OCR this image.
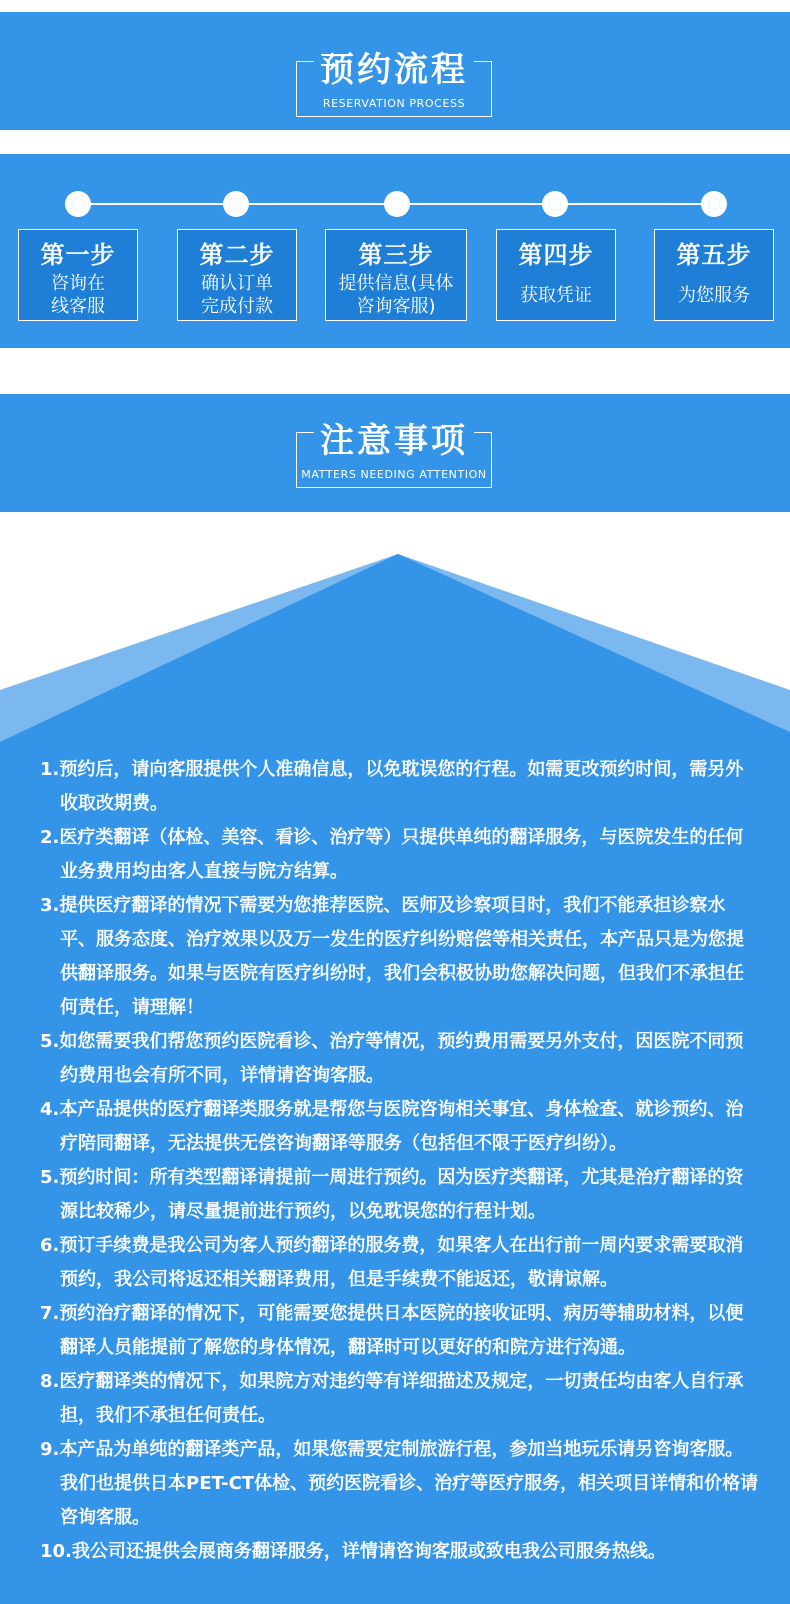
预约流程
RESERVATION PROCESS
第一步
咨询在线客服
第二步
确认订单完成付款
第三步
提供信息(具体咨询客服)
第四步
获取凭证
第五步
为您服务
注意事项
MATTERS NEEDING ATTENTION
1.预约后，请向客服提供个人准确信息，以免耽误您的行程。如需更改预约时间，需另外收取改期费。
2.医疗类翻译（体检、美容、看诊、治疗等）只提供单纯的翻译服务，与医院发生的任何业务费用均由客人直接与院方结算。
3.提供医疗翻译的情况下需要为您推荐医院、医师及诊察项目时，我们不能承担诊察水平、服务态度、治疗效果以及万一发生的医疗纠纷赔偿等相关责任，本产品只是为您提供翻译服务。如果与医院有医疗纠纷时，我们会积极协助您解决问题，但我们不承担任何责任，请理解！
5.如您需要我们帮您预约医院看诊、治疗等情况，预约费用需要另外支付，因医院不同预约费用也会有所不同，详情请咨询客服。
4.本产品提供的医疗翻译类服务就是帮您与医院咨询相关事宜、身体检查、就诊预约、治疗陪同翻译，无法提供无偿咨询翻译等服务（包括但不限于医疗纠纷）。
5.预约时间：所有类型翻译请提前一周进行预约。因为医疗类翻译，尤其是治疗翻译的资源比较稀少，请尽量提前进行预约，以免耽误您的行程计划。
6.预订手续费是我公司为客人预约翻译的服务费，如果客人在出行前一周内要求需要取消预约，我公司将返还相关翻译费用，但是手续费不能返还，敬请谅解。
7.预约治疗翻译的情况下，可能需要您提供日本医院的接收证明、病历等辅助材料，以便翻译人员能提前了解您的身体情况，翻译时可以更好的和院方进行沟通。
8.医疗翻译类的情况下，如果院方对违约等有详细描述及规定，一切责任均由客人自行承担，我们不承担任何责任。
9.本产品为单纯的翻译类产品，如果您需要定制旅游行程，参加当地玩乐请另咨询客服。我们也提供日本PET-CT体检、预约医院看诊、治疗等医疗服务，相关项目详情和价格请咨询客服。
10.我公司还提供会展商务翻译服务，详情请咨询客服或致电我公司服务热线。
